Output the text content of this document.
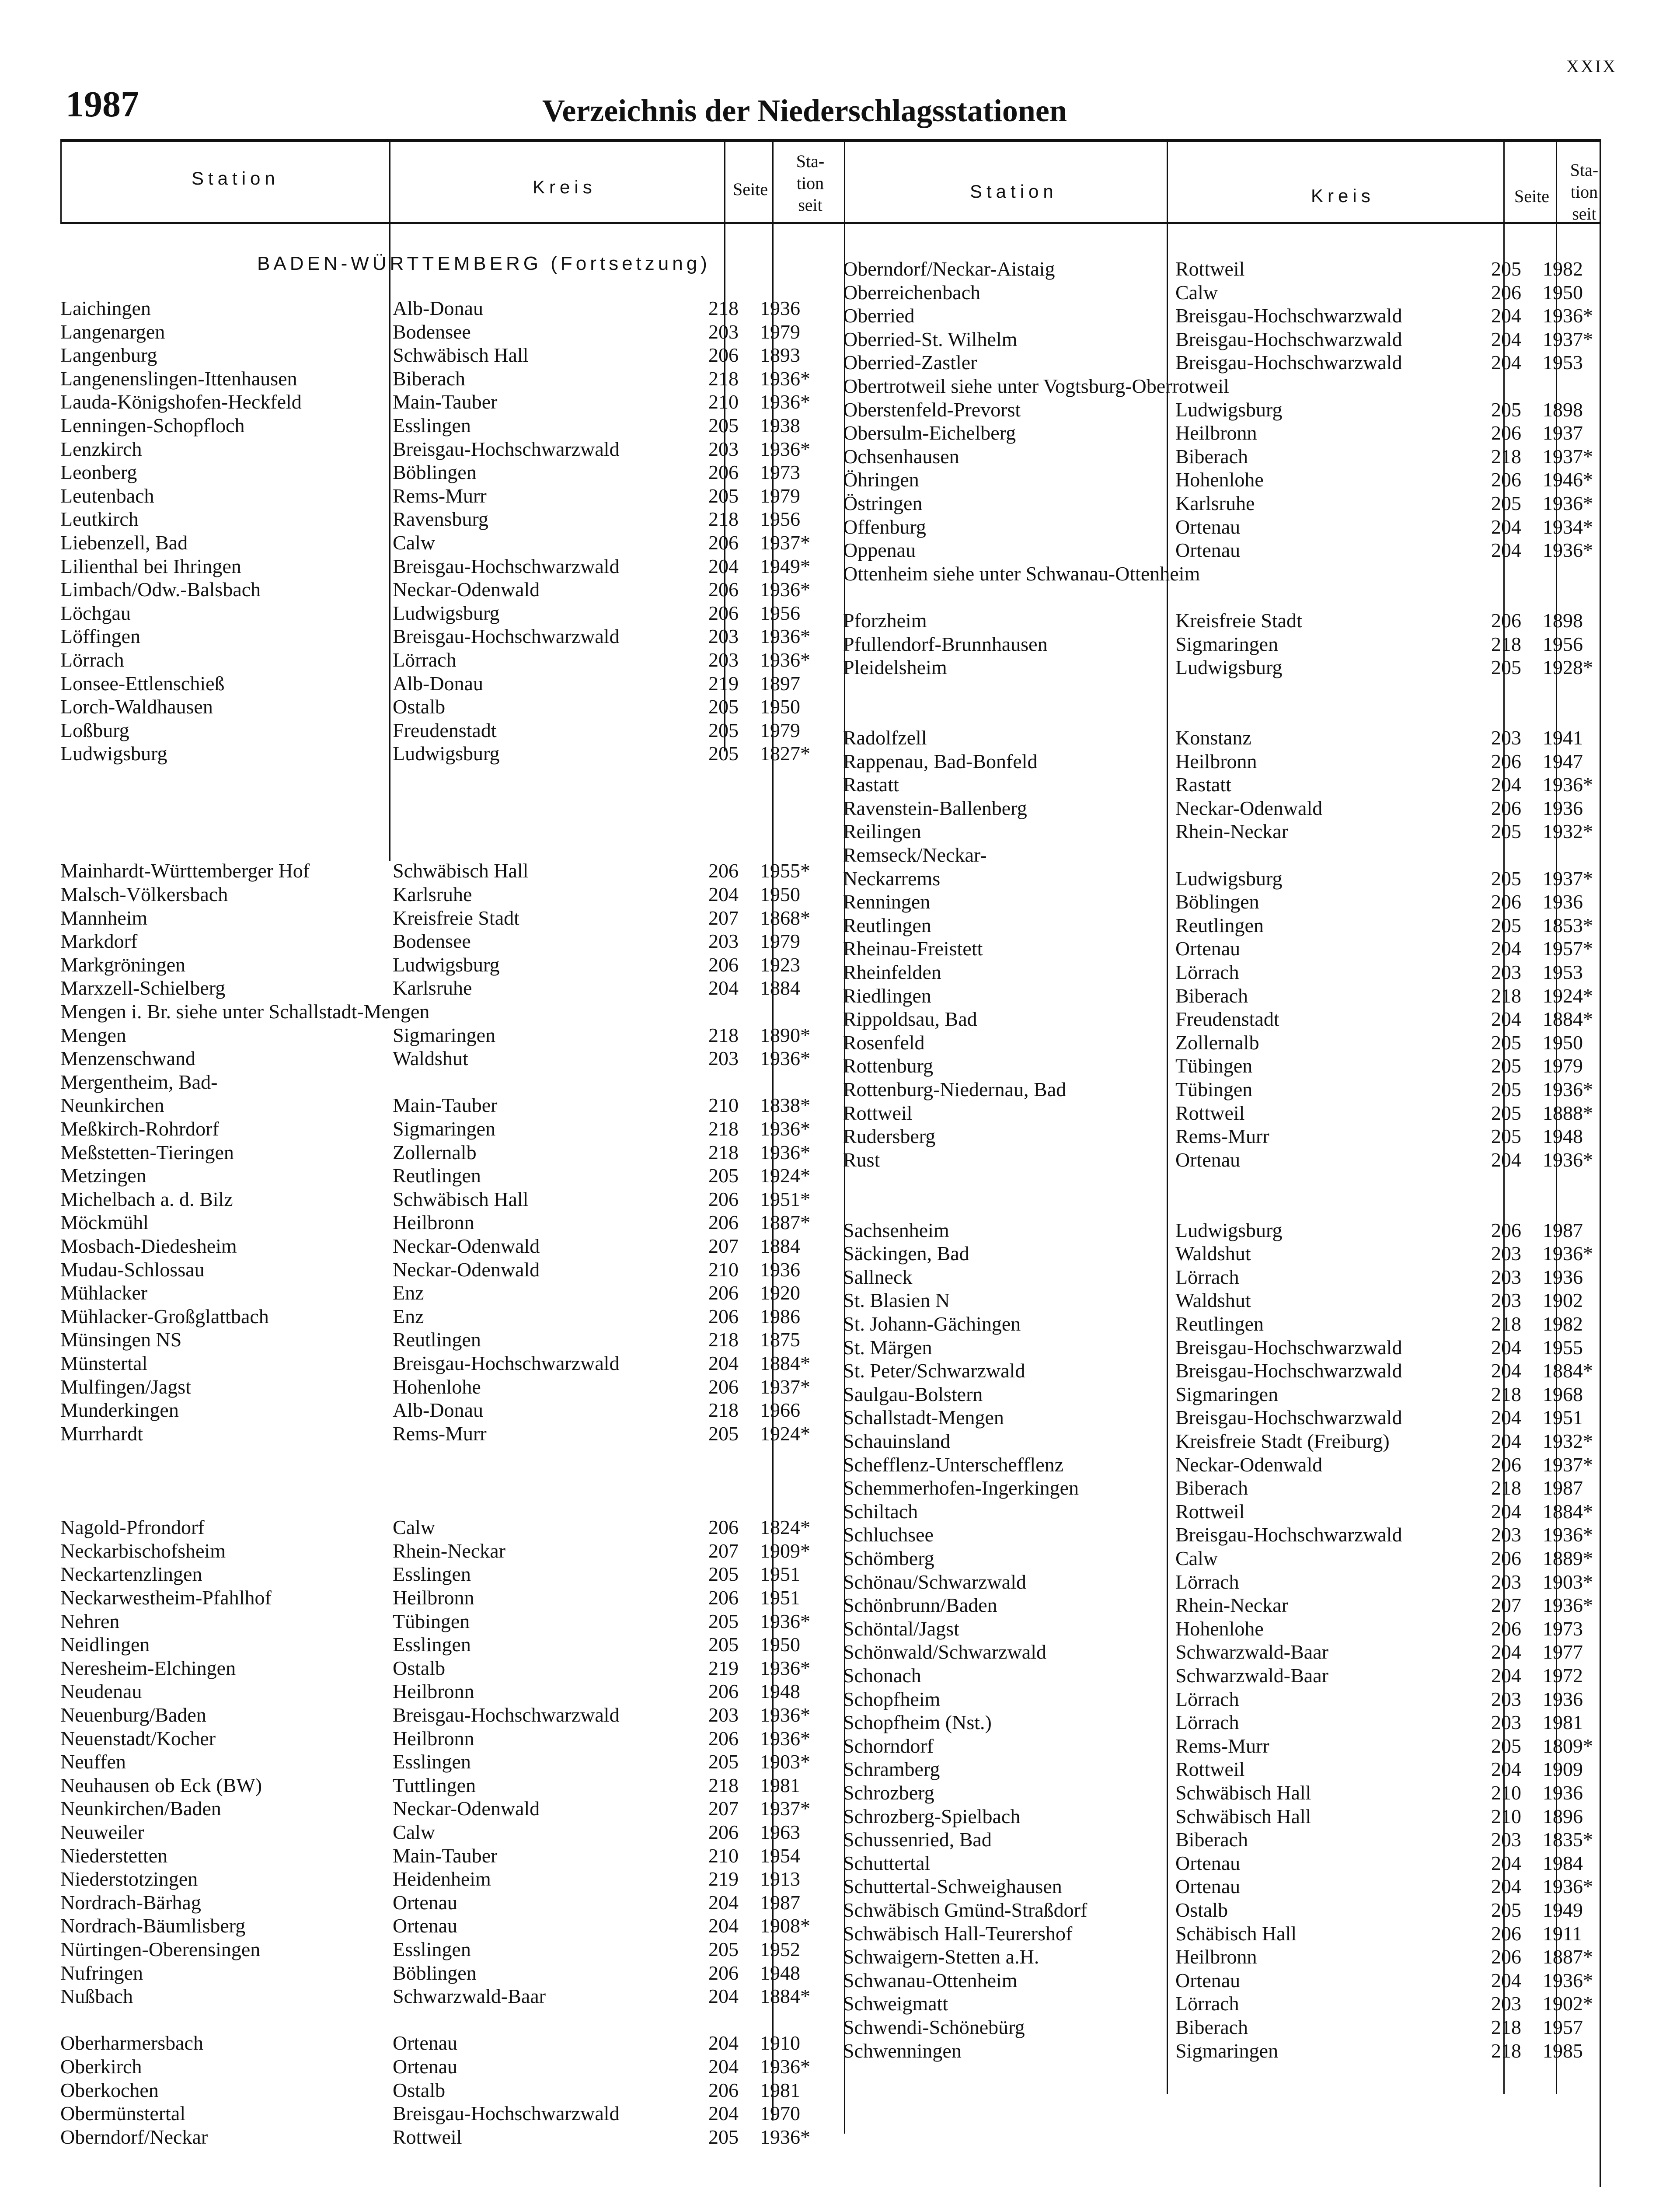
XXIX
1987	Verzeichnis der Niederschlagsstationen
Station	Kreis	Seite
Sta-
tion
seit
Station	Kreis	Seite
Sta-
tion
seit
BADEN-WÜRTTEMBERG (Fortsetzung)
Laichingen	Alb-Donau	218 1936
Langenargen	Bodensee	203 1979
Langenburg	Schwäbisch Hall	206 1893
Langenenslingen-Ittenhausen	Biberach	218 1936*
Lauda-Königshofen-Heckfeld	Main-Tauber	210 1936*
Lenningen-Schopfloch	Esslingen	205 1938
Lenzkirch	Breisgau-Hochschwarzwald	203 1936*
Leonberg	Böblingen	206 1973
Leutenbach	Rems-Murr	205 1979
Leutkirch	Ravensburg	218 1956
Liebenzell, Bad	Calw	206 1937*
Lilienthal bei Ihringen	Breisgau-Hochschwarzwald	204 1949*
Limbach/Odw.-Balsbach	Neckar-Odenwald	206 1936*
Löchgau	Ludwigsburg	206 1956
Löffingen	Breisgau-Hochschwarzwald	203 1936*
Lörrach	Lörrach	203 1936*
Lonsee-Ettlenschieß	Alb-Donau	219 1897
Lorch-Waldhausen	Ostalb	205 1950
Loßburg	Freudenstadt	205 1979
Ludwigsburg	Ludwigsburg	205 1827*
Mainhardt-Württemberger Hof	Schwäbisch Hall	206 1955*
Malsch-Völkersbach	Karlsruhe	204 1950
Mannheim	Kreisfreie Stadt	207 1868*
Markdorf	Bodensee	203 1979
Markgröningen	Ludwigsburg	206 1923
Marxzell-Schielberg	Karlsruhe	204 1884
Mengen i. Br. siehe unter Schallstadt-Mengen
Mengen	Sigmaringen	218 1890*
Menzenschwand	Waldshut	203 1936*
Mergentheim, Bad-
Neunkirchen	Main-Tauber	210 1838*
Meßkirch-Rohrdorf	Sigmaringen	218 1936*
Meßstetten-Tieringen	Zollernalb	218 1936*
Metzingen	Reutlingen	205 1924*
Michelbach a. d. Bilz	Schwäbisch Hall	206 1951*
Möckmühl	Heilbronn	206 1887*
Mosbach-Diedesheim	Neckar-Odenwald	207 1884
Mudau-Schlossau	Neckar-Odenwald	210 1936
Mühlacker	Enz	206 1920
Mühlacker-Großglattbach	Enz	206 1986
Münsingen NS	Reutlingen	218 1875
Münstertal	Breisgau-Hochschwarzwald	204 1884*
Mulfingen/Jagst	Hohenlohe	206 1937*
Munderkingen	Alb-Donau	218 1966
Murrhardt	Rems-Murr	205 1924*
Nagold-Pfrondorf	Calw	206 1824*
Neckarbischofsheim	Rhein-Neckar	207 1909*
Neckartenzlingen	Esslingen	205 1951
Neckarwestheim-Pfahlhof	Heilbronn	206 1951
Nehren	Tübingen	205 1936*
Neidlingen	Esslingen	205 1950
Neresheim-Elchingen	Ostalb	219 1936*
Neudenau	Heilbronn	206 1948
Neuenburg/Baden	Breisgau-Hochschwarzwald	203 1936*
Neuenstadt/Kocher	Heilbronn	206 1936*
Neuffen	Esslingen	205 1903*
Neuhausen ob Eck (BW)	Tuttlingen	218 1981
Neunkirchen/Baden	Neckar-Odenwald	207 1937*
Neuweiler	Calw	206 1963
Niederstetten	Main-Tauber	210 1954
Niederstotzingen	Heidenheim	219 1913
Nordrach-Bärhag	Ortenau	204 1987
Nordrach-Bäumlisberg	Ortenau	204 1908*
Nürtingen-Oberensingen	Esslingen	205 1952
Nufringen	Böblingen	206 1948
Nußbach	Schwarzwald-Baar	204 1884*
Oberharmersbach	Ortenau	204 1910
Oberkirch	Ortenau	204 1936*
Oberkochen	Ostalb	206 1981
Obermünstertal	Breisgau-Hochschwarzwald	204 1970
Oberndorf/Neckar	Rottweil	205 1936*
Oberndorf/Neckar-Aistaig	Rottweil	205 1982
Oberreichenbach	Calw	206 1950
Oberried	Breisgau-Hochschwarzwald	204 1936*
Oberried-St. Wilhelm	Breisgau-Hochschwarzwald	204 1937*
Oberried-Zastler	Breisgau-Hochschwarzwald	204 1953
Obertrotweil siehe unter Vogtsburg-Oberrotweil
Oberstenfeld-Prevorst	Ludwigsburg	205 1898
Obersulm-Eichelberg	Heilbronn	206 1937
Ochsenhausen	Biberach	218 1937*
Öhringen	Hohenlohe	206 1946*
Östringen	Karlsruhe	205 1936*
Offenburg	Ortenau	204 1934*
Oppenau	Ortenau	204 1936*
Ottenheim siehe unter Schwanau-Ottenheim
Pforzheim	Kreisfreie Stadt	206 1898
Pfullendorf-Brunnhausen	Sigmaringen	218 1956
Pleidelsheim	Ludwigsburg	205 1928*
Radolfzell	Konstanz	203 1941
Rappenau, Bad-Bonfeld	Heilbronn	206 1947
Rastatt	Rastatt	204 1936*
Ravenstein-Ballenberg	Neckar-Odenwald	206 1936
Reilingen	Rhein-Neckar	205 1932*
Remseck/Neckar-
Neckarrems	Ludwigsburg	205 1937*
Renningen	Böblingen	206 1936
Reutlingen	Reutlingen	205 1853*
Rheinau-Freistett	Ortenau	204 1957*
Rheinfelden	Lörrach	203 1953
Riedlingen	Biberach	218 1924*
Rippoldsau, Bad	Freudenstadt	204 1884*
Rosenfeld	Zollernalb	205 1950
Rottenburg	Tübingen	205 1979
Rottenburg-Niedernau, Bad	Tübingen	205 1936*
Rottweil	Rottweil	205 1888*
Rudersberg	Rems-Murr	205 1948
Rust	Ortenau	204 1936*
Sachsenheim	Ludwigsburg	206 1987
Säckingen, Bad	Waldshut	203 1936*
Sallneck	Lörrach	203 1936
St. Blasien N	Waldshut	203 1902
St. Johann-Gächingen	Reutlingen	218 1982
St. Märgen	Breisgau-Hochschwarzwald	204 1955
St. Peter/Schwarzwald	Breisgau-Hochschwarzwald	204 1884*
Saulgau-Bolstern	Sigmaringen	218 1968
Schallstadt-Mengen	Breisgau-Hochschwarzwald	204 1951
Schauinsland	Kreisfreie Stadt (Freiburg)	204 1932*
Schefflenz-Unterschefflenz	Neckar-Odenwald	206 1937*
Schemmerhofen-Ingerkingen	Biberach	218 1987
Schiltach	Rottweil	204 1884*
Schluchsee	Breisgau-Hochschwarzwald	203 1936*
Schömberg	Calw	206 1889*
Schönau/Schwarzwald	Lörrach	203 1903*
Schönbrunn/Baden	Rhein-Neckar	207 1936*
Schöntal/Jagst	Hohenlohe	206 1973
Schönwald/Schwarzwald	Schwarzwald-Baar	204 1977
Schonach	Schwarzwald-Baar	204 1972
Schopfheim	Lörrach	203 1936
Schopfheim (Nst.)	Lörrach	203 1981
Schorndorf	Rems-Murr	205 1809*
Schramberg	Rottweil	204 1909
Schrozberg	Schwäbisch Hall	210 1936
Schrozberg-Spielbach	Schwäbisch Hall	210 1896
Schussenried, Bad	Biberach	203 1835*
Schuttertal	Ortenau	204 1984
Schuttertal-Schweighausen	Ortenau	204 1936*
Schwäbisch Gmünd-Straßdorf	Ostalb	205 1949
Schwäbisch Hall-Teurershof	Schäbisch Hall	206 1911
Schwaigern-Stetten a.H.	Heilbronn	206 1887*
Schwanau-Ottenheim	Ortenau	204 1936*
Schweigmatt	Lörrach	203 1902*
Schwendi-Schönebürg	Biberach	218 1957
Schwenningen	Sigmaringen	218 1985
